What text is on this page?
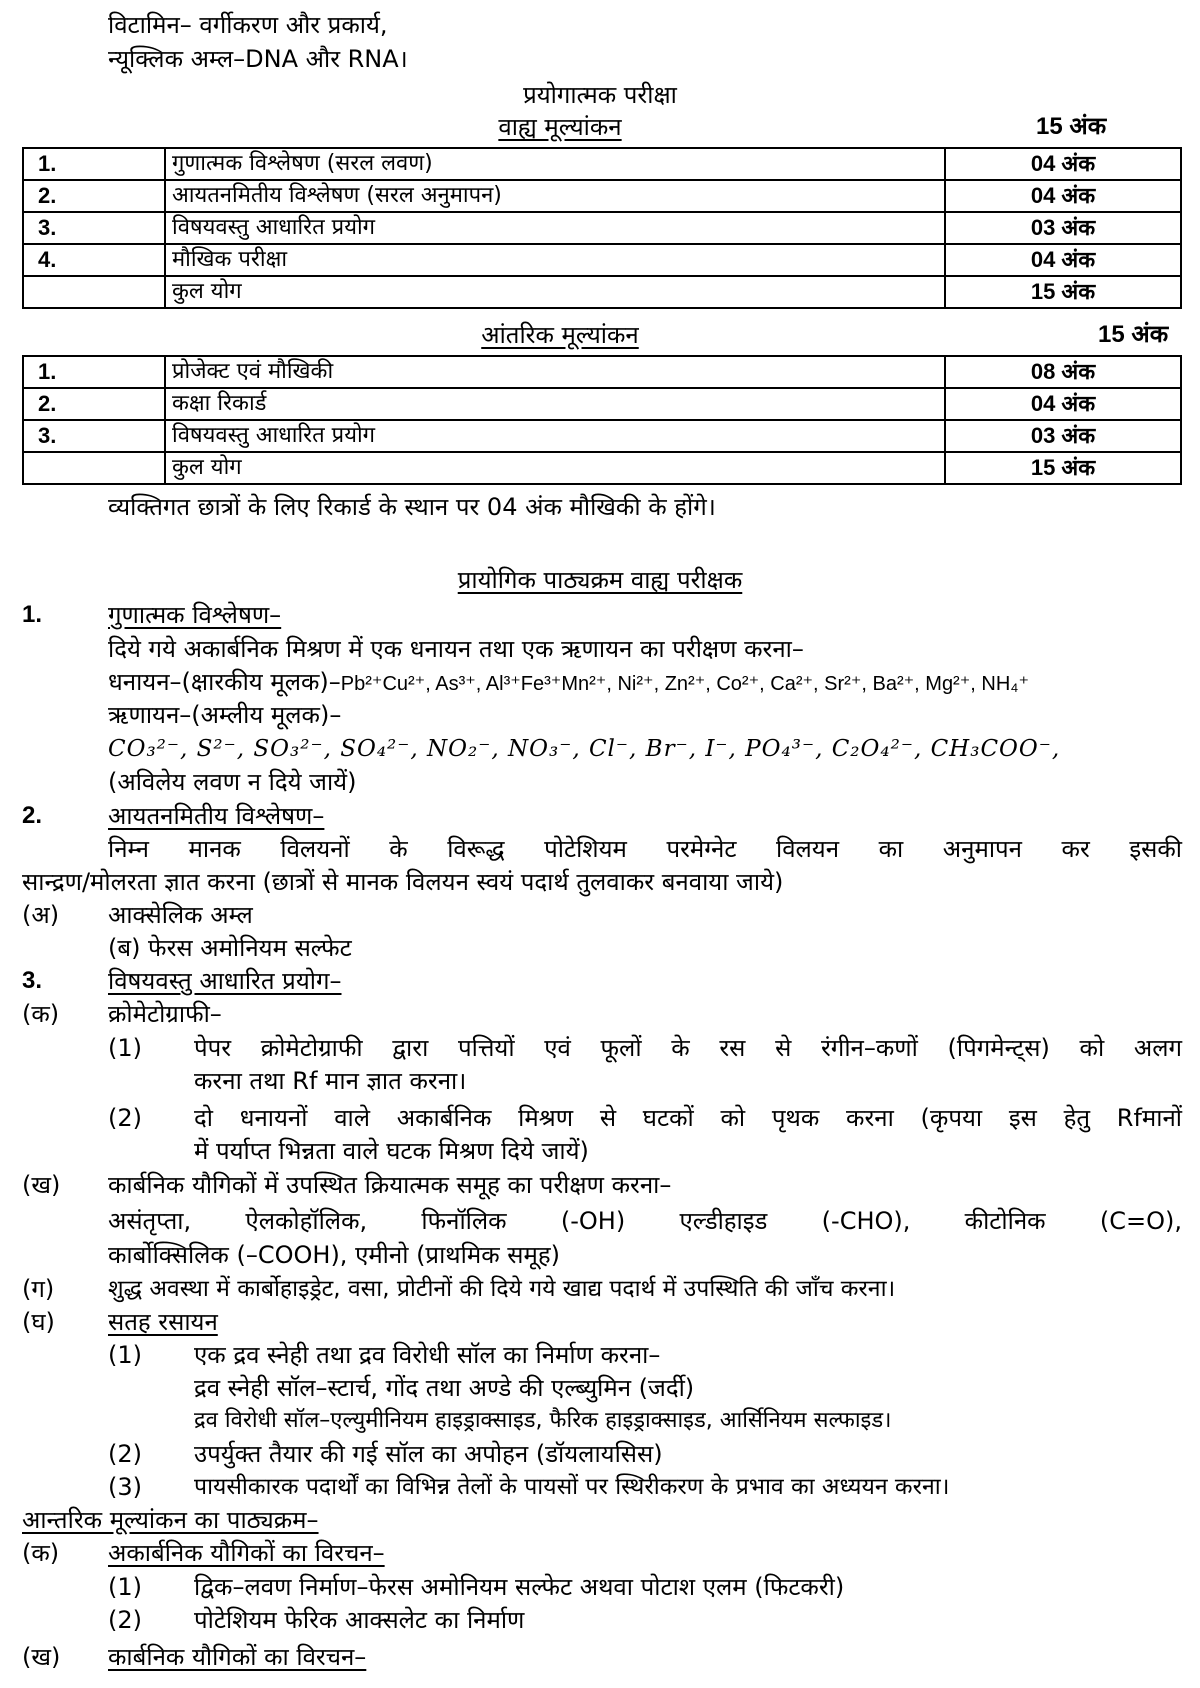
विटामिन– वर्गीकरण और प्रकार्य,
न्यूक्लिक अम्ल–DNA और RNA।
प्रयोगात्मक परीक्षा
वाह्य मूल्यांकन	15 अंक
1.	गुणात्मक विश्लेषण (सरल लवण)	04 अंक
2.	आयतनमितीय विश्लेषण (सरल अनुमापन)	04 अंक
3.	विषयवस्तु आधारित प्रयोग	03 अंक
4.	मौखिक परीक्षा	04 अंक
	कुल योग	15 अंक
आंतरिक मूल्यांकन	15 अंक
1.	प्रोजेक्ट एवं मौखिकी	08 अंक
2.	कक्षा रिकार्ड	04 अंक
3.	विषयवस्तु आधारित प्रयोग	03 अंक
	कुल योग	15 अंक
व्यक्तिगत छात्रों के लिए रिकार्ड के स्थान पर 04 अंक मौखिकी के होंगे।
प्रायोगिक पाठ्यक्रम वाह्य परीक्षक
1.	गुणात्मक विश्लेषण–
दिये गये अकार्बनिक मिश्रण में एक धनायन तथा एक ऋणायन का परीक्षण करना–
धनायन–(क्षारकीय मूलक)–Pb²⁺Cu²⁺, As³⁺, Al³⁺Fe³⁺Mn²⁺, Ni²⁺, Zn²⁺, Co²⁺, Ca²⁺, Sr²⁺, Ba²⁺, Mg²⁺, NH₄⁺
ऋणायन–(अम्लीय मूलक)–
CO₃²⁻, S²⁻, SO₃²⁻, SO₄²⁻, NO₂⁻, NO₃⁻, Cl⁻, Br⁻, I⁻, PO₄³⁻, C₂O₄²⁻, CH₃COO⁻,
(अविलेय लवण न दिये जायें)
2.	आयतनमितीय विश्लेषण–
निम्न मानक विलयनों के विरूद्ध पोटेशियम परमेग्नेट विलयन का अनुमापन कर इसकी
सान्द्रण/मोलरता ज्ञात करना (छात्रों से मानक विलयन स्वयं पदार्थ तुलवाकर बनवाया जाये)
(अ) आक्सेलिक अम्ल
(ब) फेरस अमोनियम सल्फेट
3.	विषयवस्तु आधारित प्रयोग–
(क) क्रोमेटोग्राफी–
(1) पेपर क्रोमेटोग्राफी द्वारा पत्तियों एवं फूलों के रस से रंगीन–कणों (पिगमेन्ट्स) को अलग
करना तथा Rf मान ज्ञात करना।
(2) दो धनायनों वाले अकार्बनिक मिश्रण से घटकों को पृथक करना (कृपया इस हेतु Rfमानों
में पर्याप्त भिन्नता वाले घटक मिश्रण दिये जायें)
(ख) कार्बनिक यौगिकों में उपस्थित क्रियात्मक समूह का परीक्षण करना–
असंतृप्ता, ऐलकोहॉलिक, फिनॉलिक (-OH) एल्डीहाइड (-CHO), कीटोनिक (C=O),
कार्बोक्सिलिक (–COOH), एमीनो (प्राथमिक समूह)
(ग) शुद्ध अवस्था में कार्बोहाइड्रेट, वसा, प्रोटीनों की दिये गये खाद्य पदार्थ में उपस्थिति की जाँच करना।
(घ) सतह रसायन
(1) एक द्रव स्नेही तथा द्रव विरोधी सॉल का निर्माण करना–
द्रव स्नेही सॉल–स्टार्च, गोंद तथा अण्डे की एल्ब्युमिन (जर्दी)
द्रव विरोधी सॉल–एल्युमीनियम हाइड्राक्साइड, फैरिक हाइड्राक्साइड, आर्सिनियम सल्फाइड।
(2) उपर्युक्त तैयार की गई सॉल का अपोहन (डॉयलायसिस)
(3) पायसीकारक पदार्थों का विभिन्न तेलों के पायसों पर स्थिरीकरण के प्रभाव का अध्ययन करना।
आन्तरिक मूल्यांकन का पाठ्यक्रम–
(क) अकार्बनिक यौगिकों का विरचन–
(1) द्विक–लवण निर्माण–फेरस अमोनियम सल्फेट अथवा पोटाश एलम (फिटकरी)
(2) पोटेशियम फेरिक आक्सलेट का निर्माण
(ख) कार्बनिक यौगिकों का विरचन–
